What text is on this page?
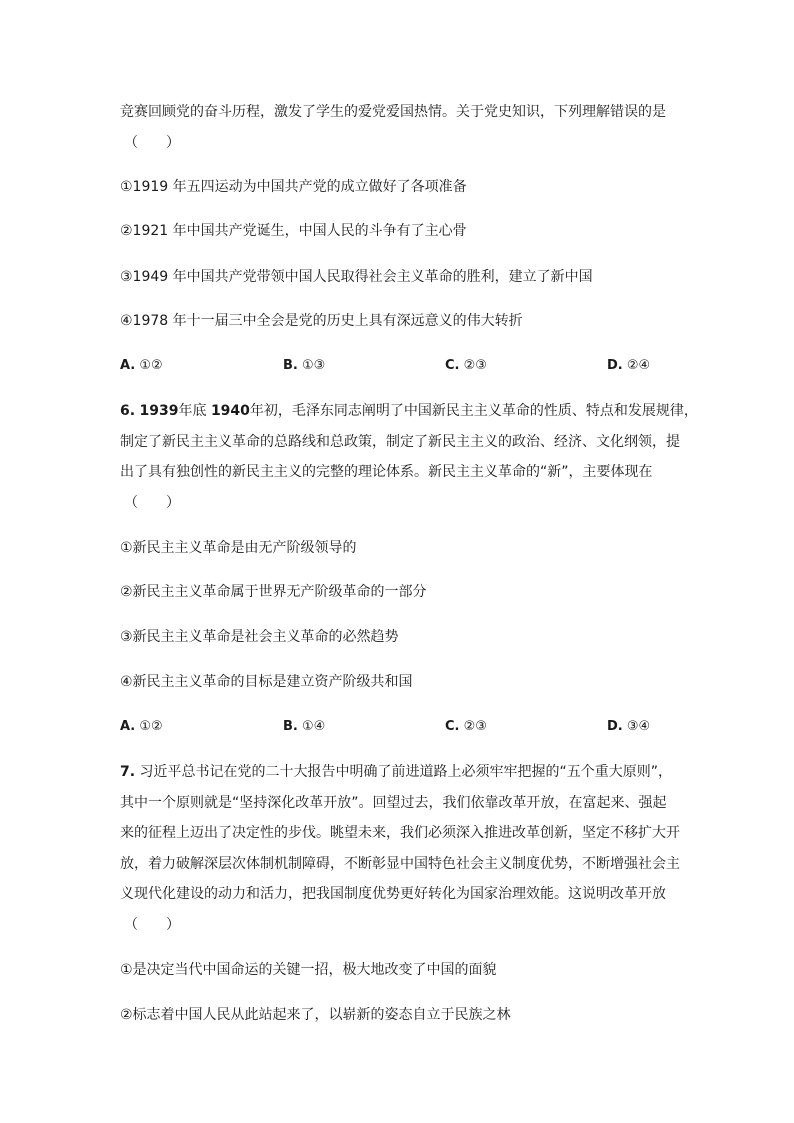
竞赛回顾党的奋斗历程，激发了学生的爱党爱国热情。关于党史知识，下列理解错误的是
（　　）
①1919 年五四运动为中国共产党的成立做好了各项准备
②1921 年中国共产党诞生，中国人民的斗争有了主心骨
③1949 年中国共产党带领中国人民取得社会主义革命的胜利，建立了新中国
④1978 年十一届三中全会是党的历史上具有深远意义的伟大转折
A. ①②	B. ①③	C. ②③	D. ②④
6. 1939年底 1940年初，毛泽东同志阐明了中国新民主主义革命的性质、特点和发展规律，
制定了新民主主义革命的总路线和总政策，制定了新民主主义的政治、经济、文化纲领，提
出了具有独创性的新民主主义的完整的理论体系。新民主主义革命的“新”，主要体现在
（　　）
①新民主主义革命是由无产阶级领导的
②新民主主义革命属于世界无产阶级革命的一部分
③新民主主义革命是社会主义革命的必然趋势
④新民主主义革命的目标是建立资产阶级共和国
A. ①②	B. ①④	C. ②③	D. ③④
7. 习近平总书记在党的二十大报告中明确了前进道路上必须牢牢把握的“五个重大原则”，
其中一个原则就是“坚持深化改革开放”。回望过去，我们依靠改革开放，在富起来、强起
来的征程上迈出了决定性的步伐。眺望未来，我们必须深入推进改革创新，坚定不移扩大开
放，着力破解深层次体制机制障碍，不断彰显中国特色社会主义制度优势，不断增强社会主
义现代化建设的动力和活力，把我国制度优势更好转化为国家治理效能。这说明改革开放
（　　）
①是决定当代中国命运的关键一招，极大地改变了中国的面貌
②标志着中国人民从此站起来了，以崭新的姿态自立于民族之林
